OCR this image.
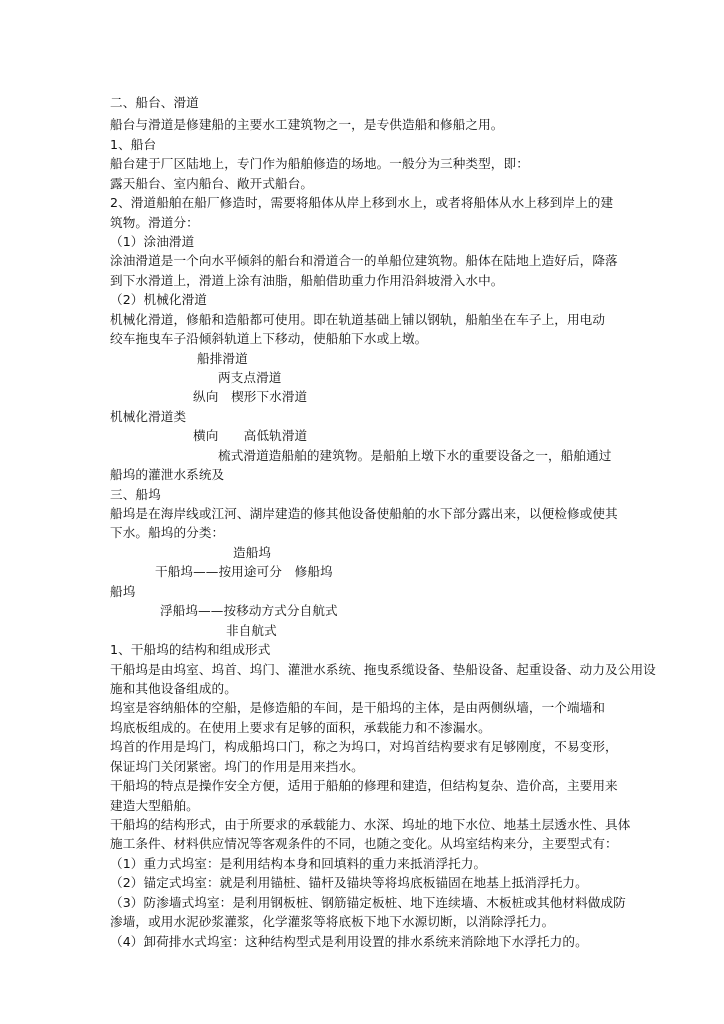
二、船台、滑道
船台与滑道是修建船的主要水工建筑物之一，是专供造船和修船之用。
1、船台
船台建于厂区陆地上，专门作为船舶修造的场地。一般分为三种类型，即：
露天船台、室内船台、敞开式船台。
2、滑道船舶在船厂修造时，需要将船体从岸上移到水上，或者将船体从水上移到岸上的建
筑物。滑道分：
（1）涂油滑道
涂油滑道是一个向水平倾斜的船台和滑道合一的单船位建筑物。船体在陆地上造好后，降落
到下水滑道上，滑道上涂有油脂，船舶借助重力作用沿斜坡滑入水中。
（2）机械化滑道
机械化滑道，修船和造船都可使用。即在轨道基础上铺以钢轨，船舶坐在车子上，用电动
绞车拖曳车子沿倾斜轨道上下移动，使船舶下水或上墩。
船排滑道
两支点滑道
纵向　楔形下水滑道
机械化滑道类
横向　　高低轨滑道
梳式滑道造船舶的建筑物。是船舶上墩下水的重要设备之一，船舶通过
船坞的灌泄水系统及
三、船坞
船坞是在海岸线或江河、湖岸建造的修其他设备使船舶的水下部分露出来，以便检修或使其
下水。船坞的分类：
造船坞
干船坞——按用途可分　修船坞
船坞
浮船坞——按移动方式分自航式
非自航式
1、干船坞的结构和组成形式
干船坞是由坞室、坞首、坞门、灌泄水系统、拖曳系缆设备、垫船设备、起重设备、动力及公用设
施和其他设备组成的。
坞室是容纳船体的空船，是修造船的车间，是干船坞的主体，是由两侧纵墙，一个端墙和
坞底板组成的。在使用上要求有足够的面积，承载能力和不渗漏水。
坞首的作用是坞门，构成船坞口门，称之为坞口，对坞首结构要求有足够刚度，不易变形，
保证坞门关闭紧密。坞门的作用是用来挡水。
干船坞的特点是操作安全方便，适用于船舶的修理和建造，但结构复杂、造价高，主要用来
建造大型船舶。
干船坞的结构形式，由于所要求的承载能力、水深、坞址的地下水位、地基土层透水性、具体
施工条件、材料供应情况等客观条件的不同，也随之变化。从坞室结构来分，主要型式有：
（1）重力式坞室：是利用结构本身和回填料的重力来抵消浮托力。
（2）锚定式坞室：就是利用锚桩、锚杆及锚块等将坞底板锚固在地基上抵消浮托力。
（3）防渗墙式坞室：是利用钢板桩、钢筋锚定板桩、地下连续墙、木板桩或其他材料做成防
渗墙，或用水泥砂浆灌浆，化学灌浆等将底板下地下水源切断，以消除浮托力。
（4）卸荷排水式坞室：这种结构型式是利用设置的排水系统来消除地下水浮托力的。
